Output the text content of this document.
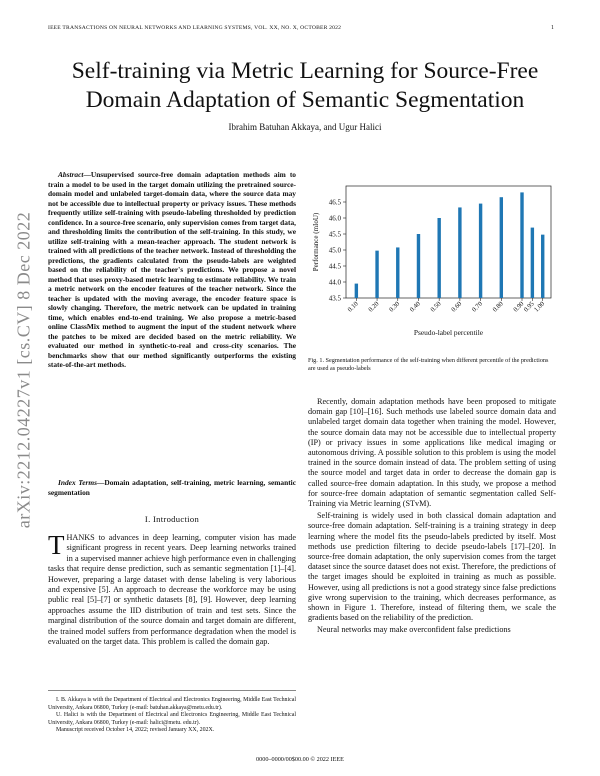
IEEE TRANSACTIONS ON NEURAL NETWORKS AND LEARNING SYSTEMS, VOL. XX, NO. X, OCTOBER 2022	1
arXiv:2212.04227v1 [cs.CV] 8 Dec 2022
Self-training via Metric Learning for Source-Free Domain Adaptation of Semantic Segmentation
Ibrahim Batuhan Akkaya, and Ugur Halici
Abstract—Unsupervised source-free domain adaptation methods aim to train a model to be used in the target domain utilizing the pretrained source-domain model and unlabeled target-domain data, where the source data may not be accessible due to intellectual property or privacy issues. These methods frequently utilize self-training with pseudo-labeling thresholded by prediction confidence. In a source-free scenario, only supervision comes from target data, and thresholding limits the contribution of the self-training. In this study, we utilize self-training with a mean-teacher approach. The student network is trained with all predictions of the teacher network. Instead of thresholding the predictions, the gradients calculated from the pseudo-labels are weighted based on the reliability of the teacher's predictions. We propose a novel method that uses proxy-based metric learning to estimate reliability. We train a metric network on the encoder features of the teacher network. Since the teacher is updated with the moving average, the encoder feature space is slowly changing. Therefore, the metric network can be updated in training time, which enables end-to-end training. We also propose a metric-based online ClassMix method to augment the input of the student network where the patches to be mixed are decided based on the metric reliability. We evaluated our method in synthetic-to-real and cross-city scenarios. The benchmarks show that our method significantly outperforms the existing state-of-the-art methods.
Index Terms—Domain adaptation, self-training, metric learning, semantic segmentation
I. Introduction
THANKS to advances in deep learning, computer vision has made significant progress in recent years. Deep learning networks trained in a supervised manner achieve high performance even in challenging tasks that require dense prediction, such as semantic segmentation [1]–[4]. However, preparing a large dataset with dense labeling is very laborious and expensive [5]. An approach to decrease the workforce may be using public real [5]–[7] or synthetic datasets [8], [9]. However, deep learning approaches assume the IID distribution of train and test sets. Since the marginal distribution of the source domain and target domain are different, the trained model suffers from performance degradation when the model is evaluated on the target data. This problem is called the domain gap.

I. B. Akkaya is with the Department of Electrical and Electronics Engineering, Middle East Technical University, Ankara 06800, Turkey (e-mail: batuhan.akkaya@metu.edu.tr).

U. Halici is with the Department of Electrical and Electronics Engineering, Middle East Technical University, Ankara 06800, Turkey (e-mail: halici@metu. edu.tr).

Manuscript received October 14, 2022; revised January XX, 202X.

0000–0000/00$00.00 © 2022 IEEE
43.5
44.0
44.5
45.0
45.5
46.0
46.5
0.10 0.20 0.30 0.40 0.50 0.60 0.70 0.80 0.90
0.95
1.00
Performance (mIoU)
Pseudo-label percentile
Fig. 1. Segmentation performance of the self-training when different percentile of the predictions are used as pseudo-labels

Recently, domain adaptation methods have been proposed to mitigate domain gap [10]–[16]. Such methods use labeled source domain data and unlabeled target domain data together when training the model. However, the source domain data may not be accessible due to intellectual property (IP) or privacy issues in some applications like medical imaging or autonomous driving. A possible solution to this problem is using the model trained in the source domain instead of data. The problem setting of using the source model and target data in order to decrease the domain gap is called source-free domain adaptation. In this study, we propose a method for source-free domain adaptation of semantic segmentation called Self-Training via Metric learning (STvM).

Self-training is widely used in both classical domain adaptation and source-free domain adaptation. Self-training is a training strategy in deep learning where the model fits the pseudo-labels predicted by itself. Most methods use prediction filtering to decide pseudo-labels [17]–[20]. In source-free domain adaptation, the only supervision comes from the target dataset since the source dataset does not exist. Therefore, the predictions of the target images should be exploited in training as much as possible. However, using all predictions is not a good strategy since false predictions give wrong supervision to the training, which decreases performance, as shown in Figure 1. Therefore, instead of filtering them, we scale the gradients based on the reliability of the prediction.

Neural networks may make overconfident false predictions
